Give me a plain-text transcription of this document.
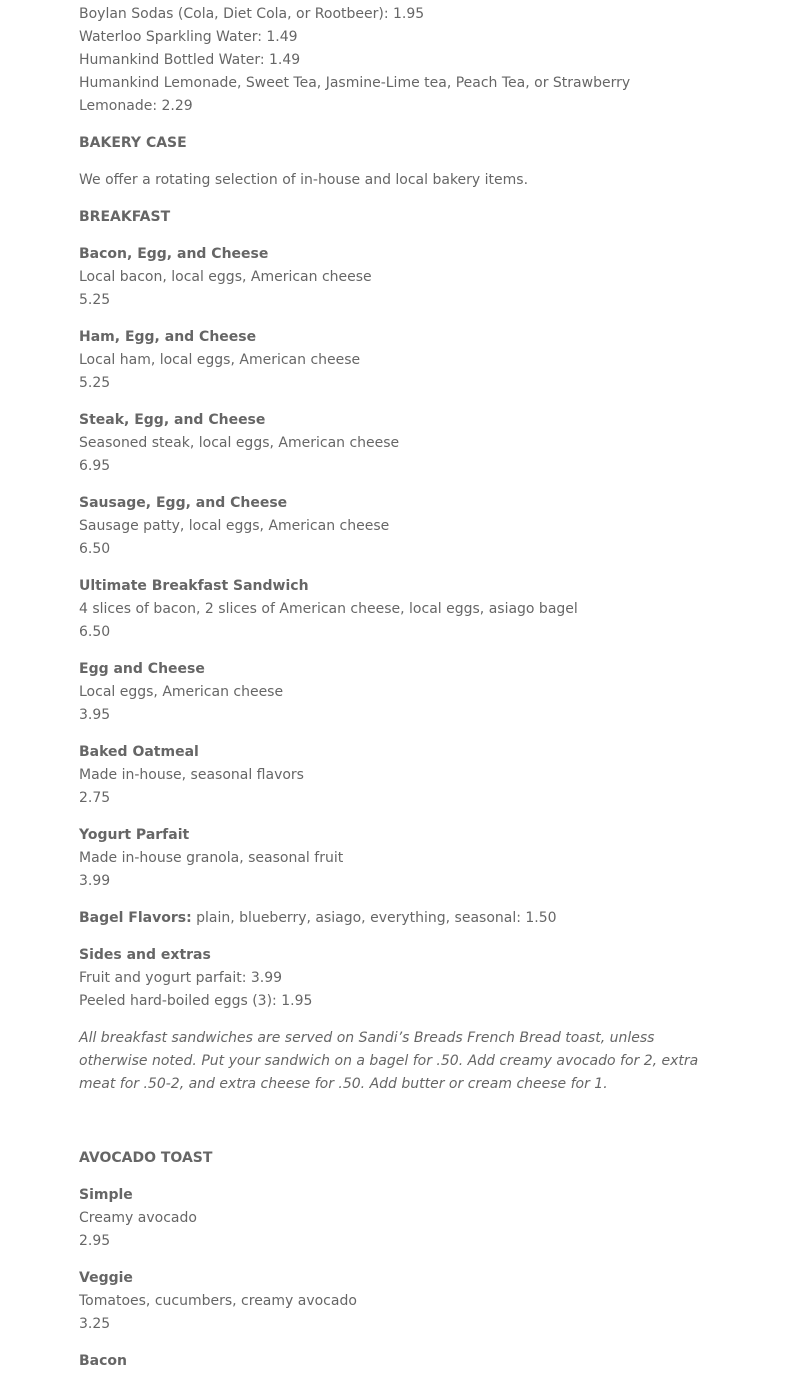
Boylan Sodas (Cola, Diet Cola, or Rootbeer): 1.95
Waterloo Sparkling Water: 1.49
Humankind Bottled Water: 1.49
Humankind Lemonade, Sweet Tea, Jasmine-Lime tea, Peach Tea, or Strawberry Lemonade: 2.29
BAKERY CASE
We offer a rotating selection of in-house and local bakery items.
BREAKFAST
Bacon, Egg, and Cheese
Local bacon, local eggs, American cheese
5.25
Ham, Egg, and Cheese
Local ham, local eggs, American cheese
5.25
Steak, Egg, and Cheese
Seasoned steak, local eggs, American cheese
6.95
Sausage, Egg, and Cheese
Sausage patty, local eggs, American cheese
6.50
Ultimate Breakfast Sandwich
4 slices of bacon, 2 slices of American cheese, local eggs, asiago bagel
6.50
Egg and Cheese
Local eggs, American cheese
3.95
Baked Oatmeal
Made in-house, seasonal flavors
2.75
Yogurt Parfait
Made in-house granola, seasonal fruit
3.99
Bagel Flavors: plain, blueberry, asiago, everything, seasonal: 1.50
Sides and extras
Fruit and yogurt parfait: 3.99
Peeled hard-boiled eggs (3): 1.95
All breakfast sandwiches are served on Sandi’s Breads French Bread toast, unless otherwise noted. Put your sandwich on a bagel for .50. Add creamy avocado for 2, extra meat for .50-2, and extra cheese for .50. Add butter or cream cheese for 1.
AVOCADO TOAST
Simple
Creamy avocado
2.95
Veggie
Tomatoes, cucumbers, creamy avocado
3.25
Bacon
